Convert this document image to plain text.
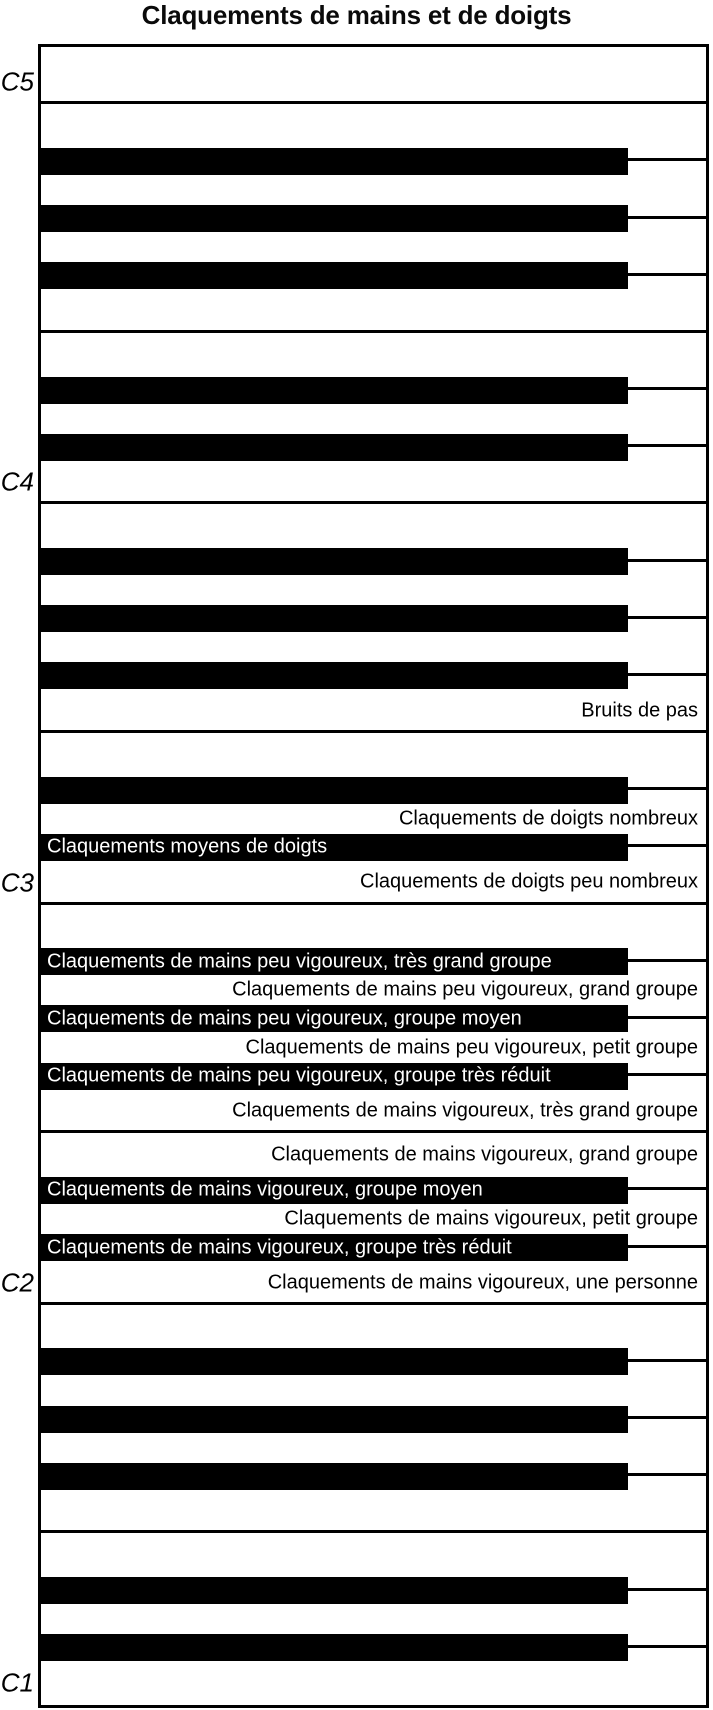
Claquements de mains et de doigts
Bruits de pas
Claquements de doigts nombreux
Claquements de doigts peu nombreux
Claquements de mains peu vigoureux, grand groupe
Claquements de mains peu vigoureux, petit groupe
Claquements de mains vigoureux, très grand groupe
Claquements de mains vigoureux, grand groupe
Claquements de mains vigoureux, petit groupe
Claquements de mains vigoureux, une personne
Claquements moyens de doigts
Claquements de mains peu vigoureux, très grand groupe
Claquements de mains peu vigoureux, groupe moyen
Claquements de mains peu vigoureux, groupe très réduit
Claquements de mains vigoureux, groupe moyen
Claquements de mains vigoureux, groupe très réduit
C5
C4
C3
C2
C1
